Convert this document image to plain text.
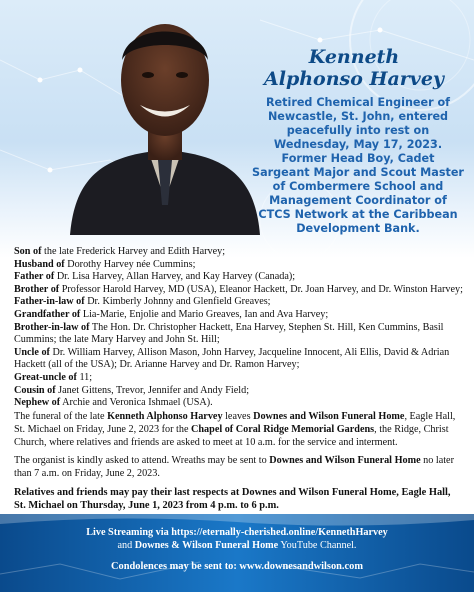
Kenneth
Alphonso Harvey
Retired Chemical Engineer of Newcastle, St. John, entered peacefully into rest on Wednesday, May 17, 2023. Former Head Boy, Cadet Sargeant Major and Scout Master of Combermere School and Management Coordinator of CTCS Network at the Caribbean Development Bank.
Son of the late Frederick Harvey and Edith Harvey;
Husband of Dorothy Harvey née Cummins;
Father of Dr. Lisa Harvey, Allan Harvey, and Kay Harvey (Canada);
Brother of Professor Harold Harvey, MD (USA), Eleanor Hackett, Dr. Joan Harvey, and Dr. Winston Harvey;
Father-in-law of Dr. Kimberly Johnny and Glenfield Greaves;
Grandfather of Lia-Marie, Enjolie and Mario Greaves, Ian and Ava Harvey;
Brother-in-law of The Hon. Dr. Christopher Hackett, Ena Harvey, Stephen St. Hill, Ken Cummins, Basil Cummins; the late Mary Harvey and John St. Hill;
Uncle of Dr. William Harvey, Allison Mason, John Harvey, Jacqueline Innocent, Ali Ellis, David & Adrian Hackett (all of the USA); Dr. Arianne Harvey and Dr. Ramon Harvey;
Great-uncle of 11;
Cousin of Janet Gittens, Trevor, Jennifer and Andy Field;
Nephew of Archie and Veronica Ishmael (USA).
The funeral of the late Kenneth Alphonso Harvey leaves Downes and Wilson Funeral Home, Eagle Hall, St. Michael on Friday, June 2, 2023 for the Chapel of Coral Ridge Memorial Gardens, the Ridge, Christ Church, where relatives and friends are asked to meet at 10 a.m. for the service and interment.
The organist is kindly asked to attend. Wreaths may be sent to Downes and Wilson Funeral Home no later than 7 a.m. on Friday, June 2, 2023.
Relatives and friends may pay their last respects at Downes and Wilson Funeral Home, Eagle Hall, St. Michael on Thursday, June 1, 2023 from 4 p.m. to 6 p.m.
Live Streaming via https://eternally-cherished.online/KennethHarvey
and Downes & Wilson Funeral Home YouTube Channel.
Condolences may be sent to: www.downesandwilson.com
